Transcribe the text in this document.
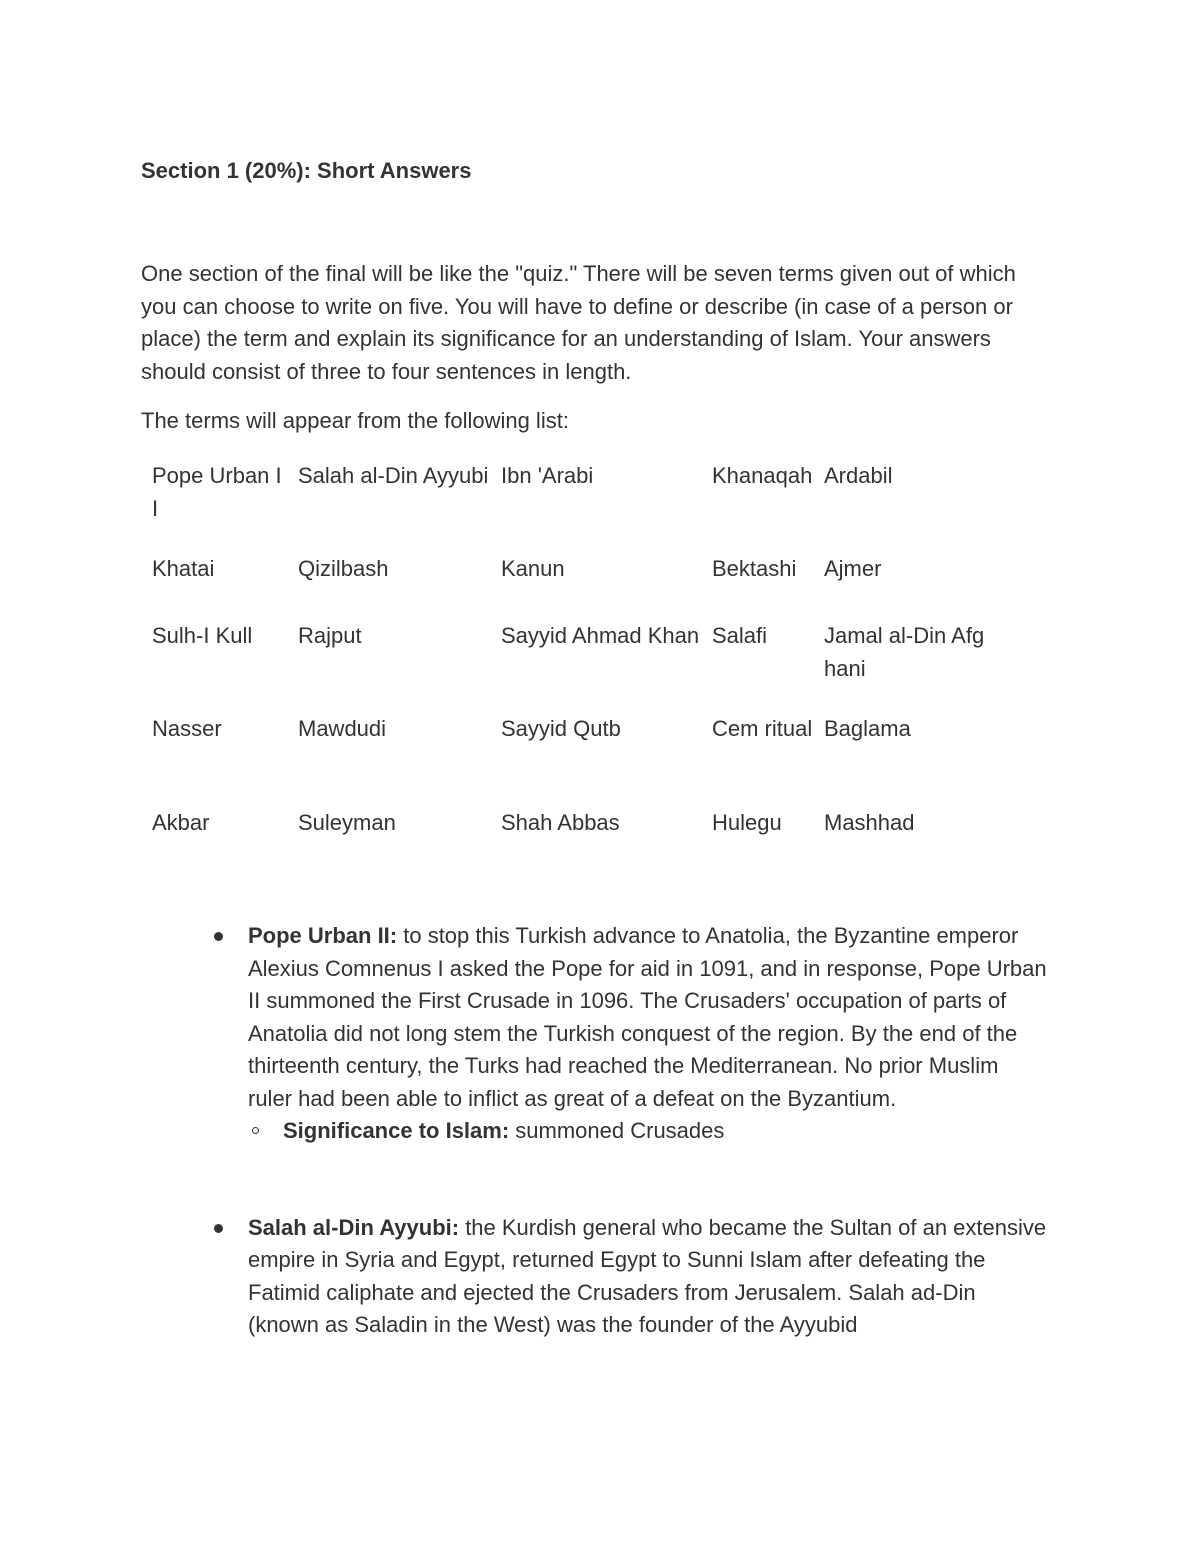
Section 1 (20%): Short Answers

One section of the final will be like the "quiz." There will be seven terms given out of which you can choose to write on five. You will have to define or describe (in case of a person or place) the term and explain its significance for an understanding of Islam. Your answers should consist of three to four sentences in length.

The terms will appear from the following list:

Pope Urban II	Salah al-Din Ayyubi	Ibn 'Arabi	Khanaqah	Ardabil
Khatai	Qizilbash	Kanun	Bektashi	Ajmer
Sulh-I Kull	Rajput	Sayyid Ahmad Khan	Salafi	Jamal al-Din Afghani
Nasser	Mawdudi	Sayyid Qutb	Cem ritual	Baglama
Akbar	Suleyman	Shah Abbas	Hulegu	Mashhad
Pope Urban II: to stop this Turkish advance to Anatolia, the Byzantine emperor Alexius Comnenus I asked the Pope for aid in 1091, and in response, Pope Urban II summoned the First Crusade in 1096. The Crusaders' occupation of parts of Anatolia did not long stem the Turkish conquest of the region. By the end of the thirteenth century, the Turks had reached the Mediterranean. No prior Muslim ruler had been able to inflict as great of a defeat on the Byzantium.
Significance to Islam: summoned Crusades
Salah al-Din Ayyubi: the Kurdish general who became the Sultan of an extensive empire in Syria and Egypt, returned Egypt to Sunni Islam after defeating the Fatimid caliphate and ejected the Crusaders from Jerusalem. Salah ad-Din (known as Saladin in the West) was the founder of the Ayyubid
